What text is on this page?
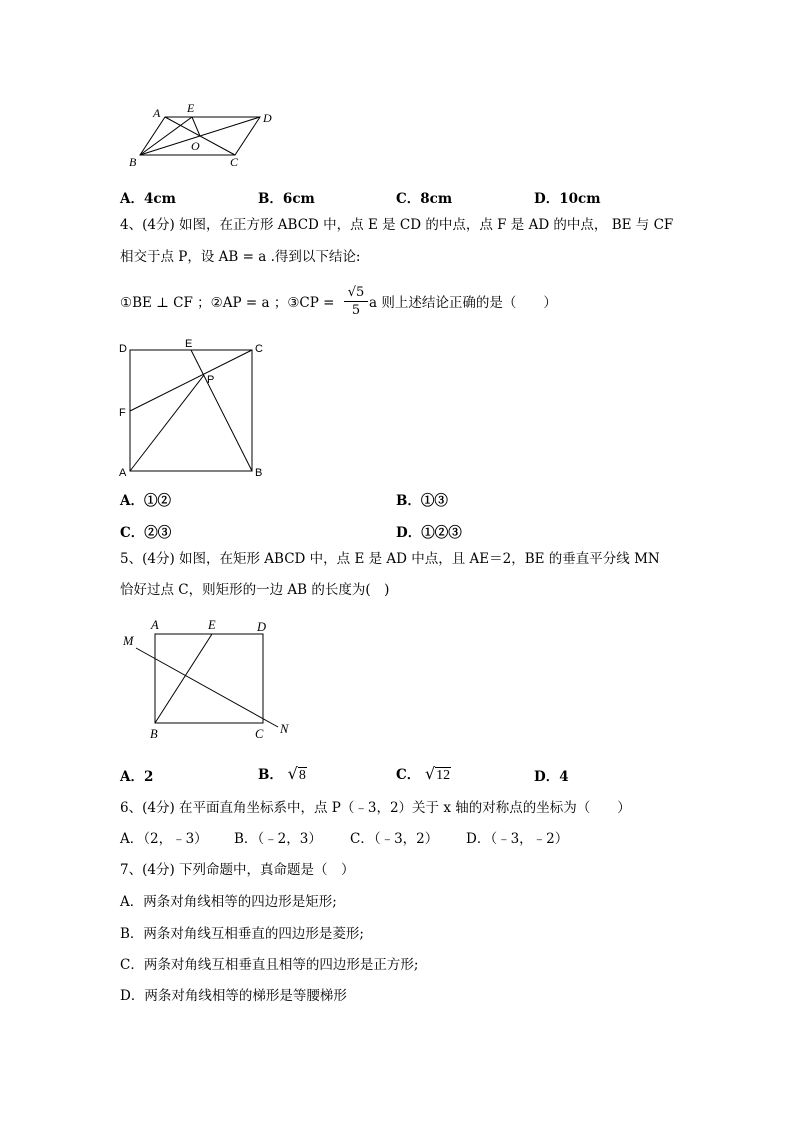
A E
D
B
O
C
A．4cm	B．6cm	C．8cm	D．10cm
4、(4分) 如图，在正方形 ABCD 中，点 E 是 CD 的中点，点 F 是 AD 的中点， BE 与 CF
相交于点 P，设 AB = a .得到以下结论:
①BE ⊥ CF ；②AP = a ；③CP = $\frac{√5}{5}$ a 则上述结论正确的是（　　）
D	E	C
P
F
A	B
A．①②	B．①③
C．②③	D．①②③
5、(4分) 如图，在矩形 ABCD 中，点 E 是 AD 中点，且 AE＝2，BE 的垂直平分线 MN
恰好过点 C，则矩形的一边 AB 的长度为(　)
A	E	D
M
B	C N
A．2	B． √8	C． √12	D．4
6、(4分) 在平面直角坐标系中，点 P（﹣3，2）关于 x 轴的对称点的坐标为（　　）
A．（2，﹣3） B．（﹣2，3） C．（﹣3，2） D．（﹣3，﹣2）
7、(4分) 下列命题中，真命题是（　）
A．两条对角线相等的四边形是矩形;
B．两条对角线互相垂直的四边形是菱形;
C．两条对角线互相垂直且相等的四边形是正方形;
D．两条对角线相等的梯形是等腰梯形
